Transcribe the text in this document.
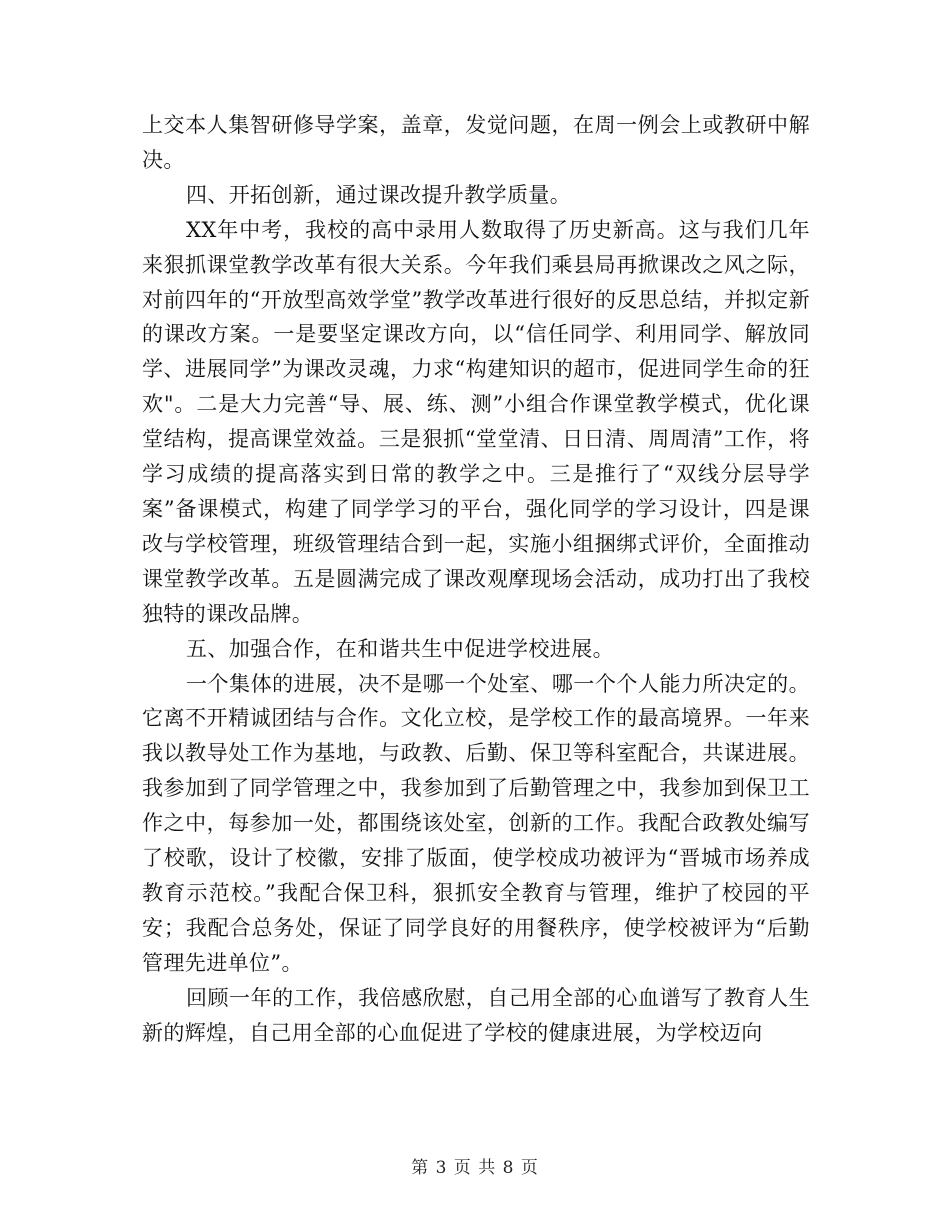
上交本人集智研修导学案，盖章，发觉问题，在周一例会上或教研中解决。

四、开拓创新，通过课改提升教学质量。

XX年中考，我校的高中录用人数取得了历史新高。这与我们几年来狠抓课堂教学改革有很大关系。今年我们乘县局再掀课改之风之际，对前四年的“开放型高效学堂”教学改革进行很好的反思总结，并拟定新的课改方案。一是要坚定课改方向，以“信任同学、利用同学、解放同学、进展同学”为课改灵魂，力求“构建知识的超市，促进同学生命的狂欢"。二是大力完善“导、展、练、测”小组合作课堂教学模式，优化课堂结构，提高课堂效益。三是狠抓“堂堂清、日日清、周周清”工作，将学习成绩的提高落实到日常的教学之中。三是推行了“双线分层导学案”备课模式，构建了同学学习的平台，强化同学的学习设计，四是课改与学校管理，班级管理结合到一起，实施小组捆绑式评价，全面推动课堂教学改革。五是圆满完成了课改观摩现场会活动，成功打出了我校独特的课改品牌。

五、加强合作，在和谐共生中促进学校进展。

一个集体的进展，决不是哪一个处室、哪一个个人能力所决定的。它离不开精诚团结与合作。文化立校，是学校工作的最高境界。一年来我以教导处工作为基地，与政教、后勤、保卫等科室配合，共谋进展。我参加到了同学管理之中，我参加到了后勤管理之中，我参加到保卫工作之中，每参加一处，都围绕该处室，创新的工作。我配合政教处编写了校歌，设计了校徽，安排了版面，使学校成功被评为“晋城市场养成教育示范校。”我配合保卫科，狠抓安全教育与管理，维护了校园的平安；我配合总务处，保证了同学良好的用餐秩序，使学校被评为“后勤管理先进单位”。

回顾一年的工作，我倍感欣慰，自己用全部的心血谱写了教育人生新的辉煌，自己用全部的心血促进了学校的健康进展，为学校迈向

第 3 页 共 8 页
